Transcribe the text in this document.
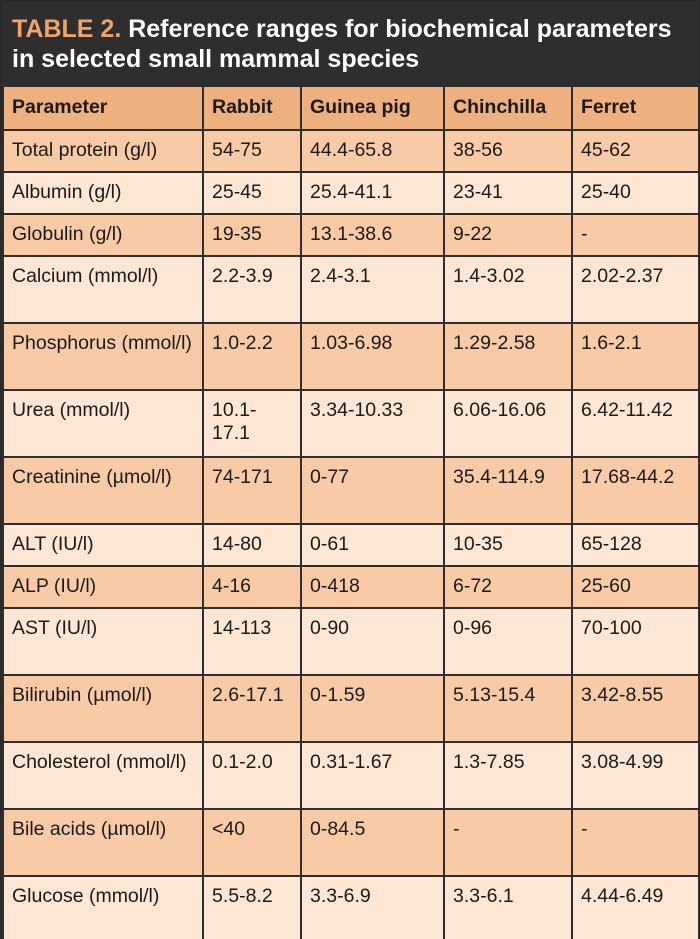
TABLE 2. Reference ranges for biochemical parameters in selected small mammal species
Parameter	Rabbit	Guinea pig	Chinchilla	Ferret
Total protein (g/l)	54-75	44.4-65.8	38-56	45-62
Albumin (g/l)	25-45	25.4-41.1	23-41	25-40
Globulin (g/l)	19-35	13.1-38.6	9-22	-
Calcium (mmol/l)	2.2-3.9	2.4-3.1	1.4-3.02	2.02-2.37
Phosphorus (mmol/l)	1.0-2.2	1.03-6.98	1.29-2.58	1.6-2.1
Urea (mmol/l)	10.1-17.1	3.34-10.33	6.06-16.06	6.42-11.42
Creatinine (µmol/l)	74-171	0-77	35.4-114.9	17.68-44.2
ALT (IU/l)	14-80	0-61	10-35	65-128
ALP (IU/l)	4-16	0-418	6-72	25-60
AST (IU/l)	14-113	0-90	0-96	70-100
Bilirubin (µmol/l)	2.6-17.1	0-1.59	5.13-15.4	3.42-8.55
Cholesterol (mmol/l)	0.1-2.0	0.31-1.67	1.3-7.85	3.08-4.99
Bile acids (µmol/l)	<40	0-84.5	-	-
Glucose (mmol/l)	5.5-8.2	3.3-6.9	3.3-6.1	4.44-6.49
